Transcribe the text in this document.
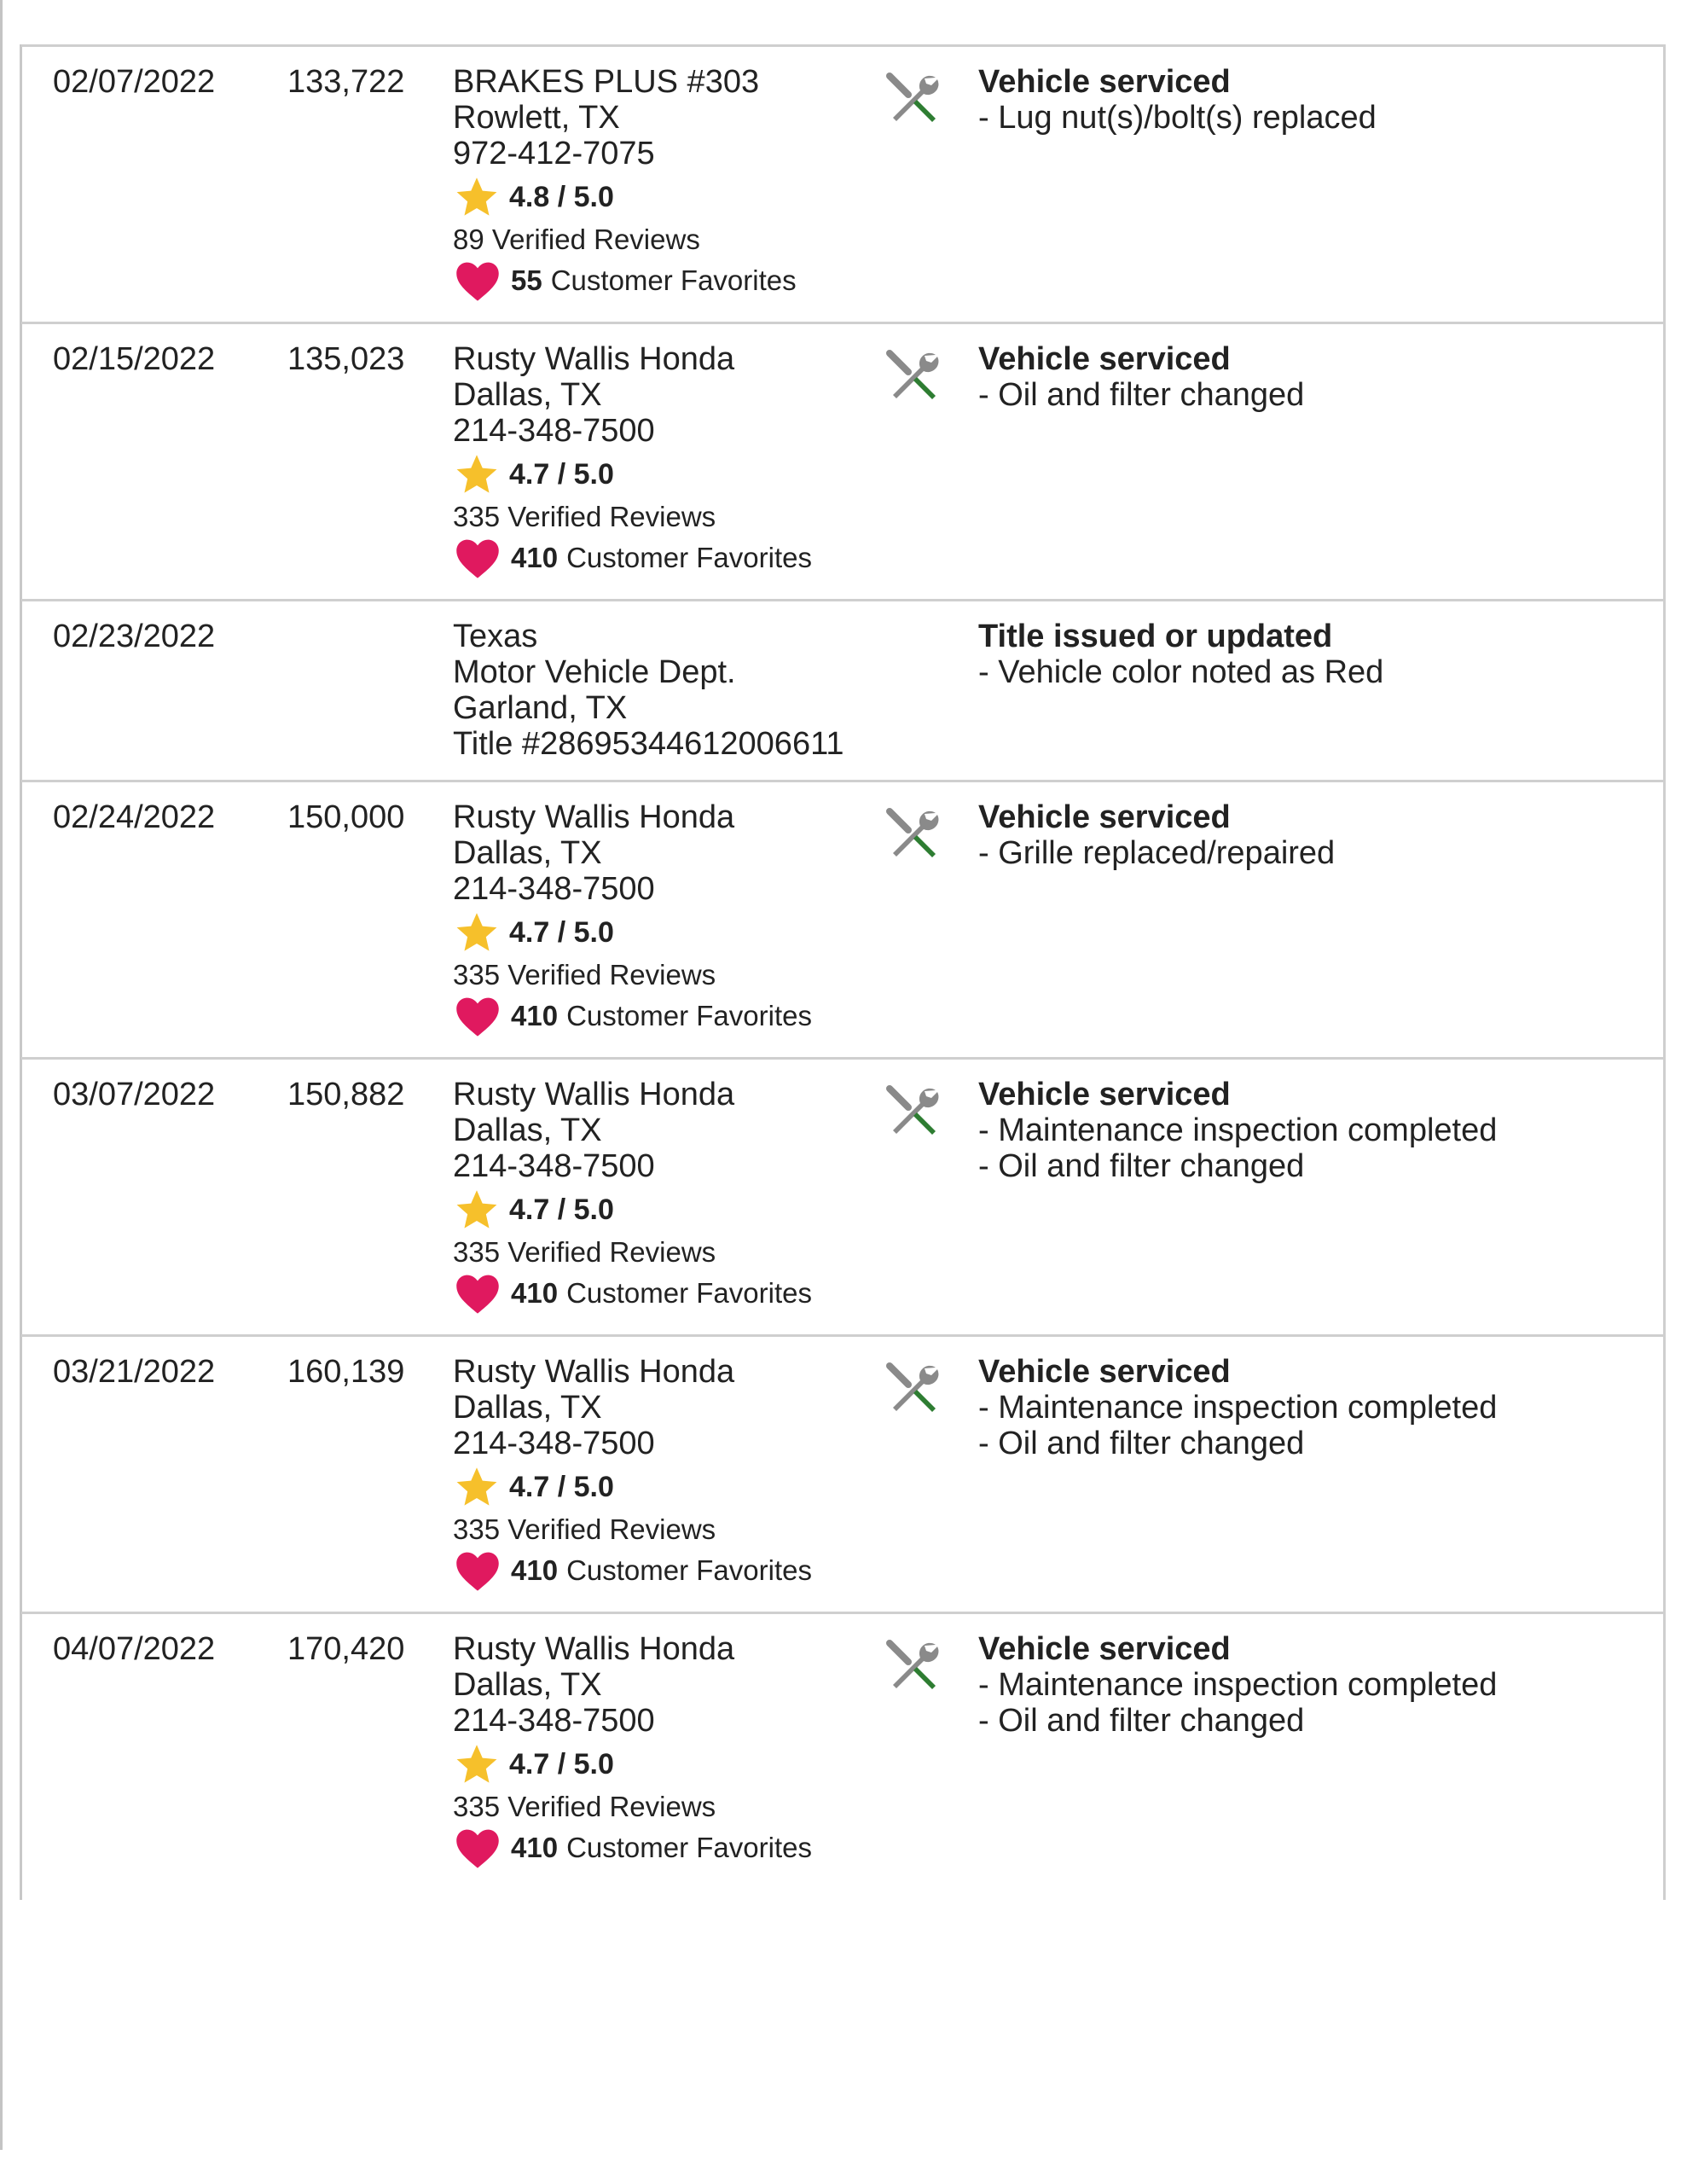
02/07/2022 133,722 BRAKES PLUS #303
Rowlett, TX
972-412-7075
4.8 / 5.0
89 Verified Reviews
55 Customer Favorites
Vehicle serviced
- Lug nut(s)/bolt(s) replaced
02/15/2022 135,023 Rusty Wallis Honda
Dallas, TX
214-348-7500
4.7 / 5.0
335 Verified Reviews
410 Customer Favorites
Vehicle serviced
- Oil and filter changed
02/23/2022	Texas
Motor Vehicle Dept.
Garland, TX
Title #28695344612006611
Title issued or updated
- Vehicle color noted as Red
02/24/2022 150,000 Rusty Wallis Honda
Dallas, TX
214-348-7500
4.7 / 5.0
335 Verified Reviews
410 Customer Favorites
Vehicle serviced
- Grille replaced/repaired
03/07/2022 150,882 Rusty Wallis Honda
Dallas, TX
214-348-7500
4.7 / 5.0
335 Verified Reviews
410 Customer Favorites
Vehicle serviced
- Maintenance inspection completed
- Oil and filter changed
03/21/2022 160,139 Rusty Wallis Honda
Dallas, TX
214-348-7500
4.7 / 5.0
335 Verified Reviews
410 Customer Favorites
Vehicle serviced
- Maintenance inspection completed
- Oil and filter changed
04/07/2022 170,420 Rusty Wallis Honda
Dallas, TX
214-348-7500
4.7 / 5.0
335 Verified Reviews
410 Customer Favorites
Vehicle serviced
- Maintenance inspection completed
- Oil and filter changed
